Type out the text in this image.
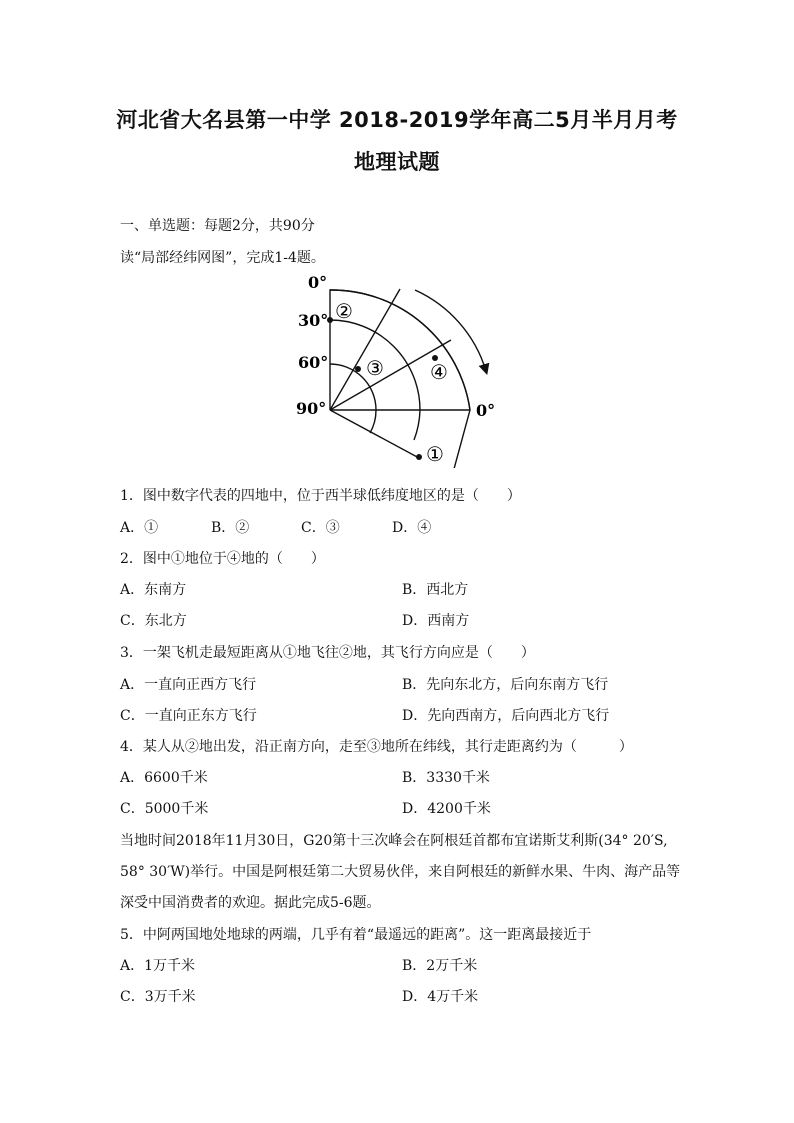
河北省大名县第一中学 2018-2019学年高二5月半月月考
地理试题
一、单选题：每题2分，共90分
读“局部经纬网图”，完成1-4题。
0°
30°
60°
90°	0°
②
③ ④
①
1．图中数字代表的四地中，位于西半球低纬度地区的是（　　）
A．①	B．②	C．③	D．④
2．图中①地位于④地的（　　）
A．东南方	B．西北方
C．东北方	D．西南方
3．一架飞机走最短距离从①地飞往②地，其飞行方向应是（　　）
A．一直向正西方飞行	B．先向东北方，后向东南方飞行
C．一直向正东方飞行	D．先向西南方，后向西北方飞行
4．某人从②地出发，沿正南方向，走至③地所在纬线，其行走距离约为（　　　）
A．6600千米	B．3330千米
C．5000千米	D．4200千米
当地时间2018年11月30日，G20第十三次峰会在阿根廷首都布宜诺斯艾利斯(34° 20′S,
58° 30′W)举行。中国是阿根廷第二大贸易伙伴，来自阿根廷的新鲜水果、牛肉、海产品等
深受中国消费者的欢迎。据此完成5-6题。
5．中阿两国地处地球的两端，几乎有着“最遥远的距离”。这一距离最接近于
A．1万千米	B．2万千米
C．3万千米	D．4万千米
